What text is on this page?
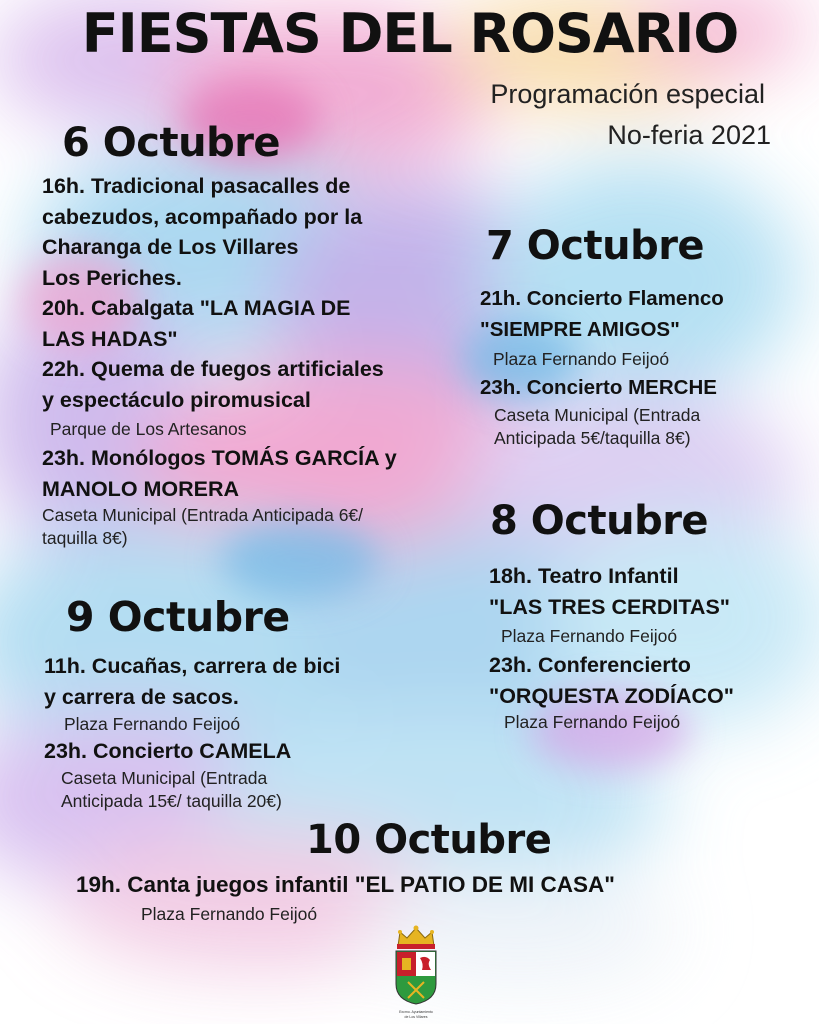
FIESTAS DEL ROSARIO
Programación especial
No-feria 2021
6 Octubre
16h. Tradicional pasacalles de
cabezudos, acompañado por la
Charanga de Los Villares
Los Periches.
20h. Cabalgata "LA MAGIA DE
LAS HADAS"
22h. Quema de fuegos artificiales
y espectáculo piromusical
Parque de Los Artesanos
23h. Monólogos TOMÁS GARCÍA y
MANOLO MORERA
Caseta Municipal (Entrada Anticipada 6€/
taquilla 8€)
7 Octubre
21h. Concierto Flamenco
"SIEMPRE AMIGOS"
Plaza Fernando Feijoó
23h. Concierto MERCHE
Caseta Municipal (Entrada
Anticipada 5€/taquilla 8€)
8 Octubre
18h. Teatro Infantil
"LAS TRES CERDITAS"
Plaza Fernando Feijoó
23h. Conferencierto
"ORQUESTA ZODÍACO"
Plaza Fernando Feijoó
9 Octubre
11h. Cucañas, carrera de bici
y carrera de sacos.
Plaza Fernando Feijoó
23h. Concierto CAMELA
Caseta Municipal (Entrada
Anticipada 15€/ taquilla 20€)
10 Octubre
19h. Canta juegos infantil "EL PATIO DE MI CASA"
Plaza Fernando Feijoó
Excmo. Ayuntamiento
de Los Villares
